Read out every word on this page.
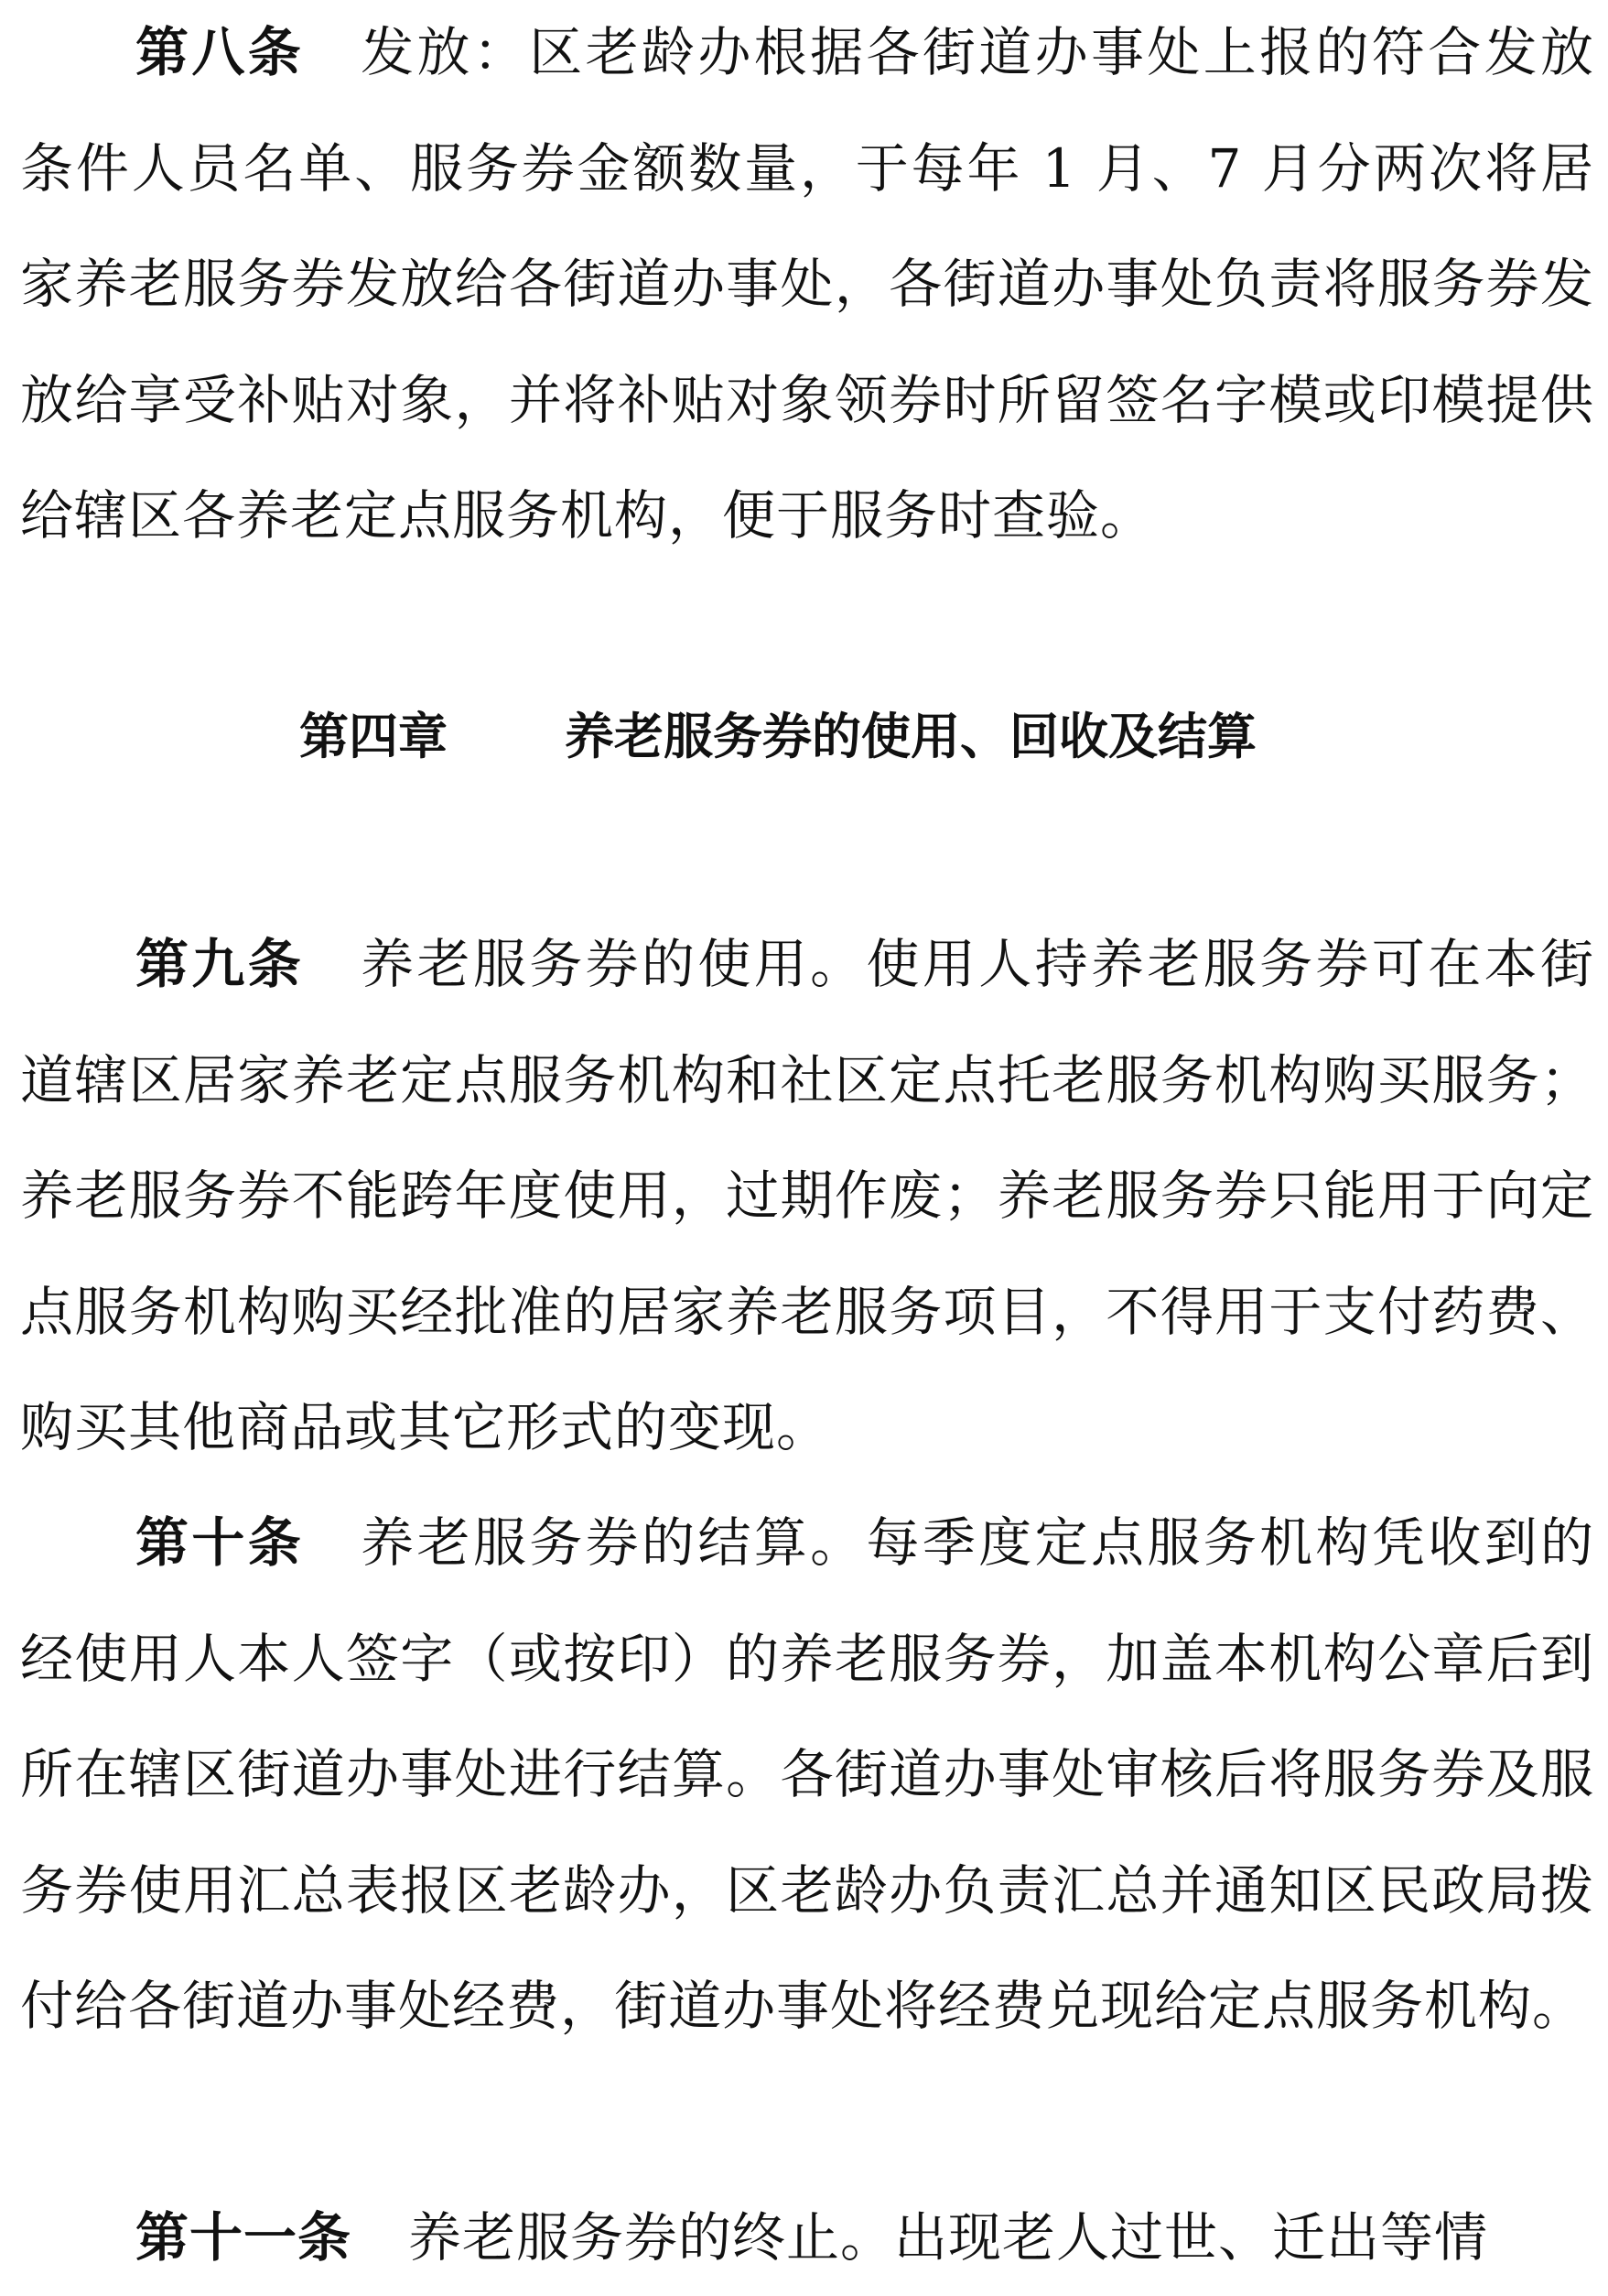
第八条 发放：区老龄办根据各街道办事处上报的符合发放条件人员名单、服务券金额数量，于每年 1 月、7 月分两次将居家养老服务券发放给各街道办事处，各街道办事处负责将服务券发放给享受补贴对象，并将补贴对象领券时所留签名字模或印模提供给辖区各养老定点服务机构，便于服务时查验。

第四章 养老服务券的使用、回收及结算

第九条 养老服务券的使用。使用人持养老服务券可在本街道辖区居家养老定点服务机构和社区定点托老服务机构购买服务；养老服务券不能跨年度使用，过期作废；养老服务券只能用于向定点服务机构购买经批准的居家养老服务项目，不得用于支付药费、购买其他商品或其它形式的变现。

第十条 养老服务券的结算。每季度定点服务机构凭收到的经使用人本人签字（或按印）的养老服务券，加盖本机构公章后到所在辖区街道办事处进行结算。各街道办事处审核后将服务券及服务券使用汇总表报区老龄办，区老龄办负责汇总并通知区民政局拨付给各街道办事处经费，街道办事处将经费兑现给定点服务机构。

第十一条 养老服务券的终止。出现老人过世、迁出等情
